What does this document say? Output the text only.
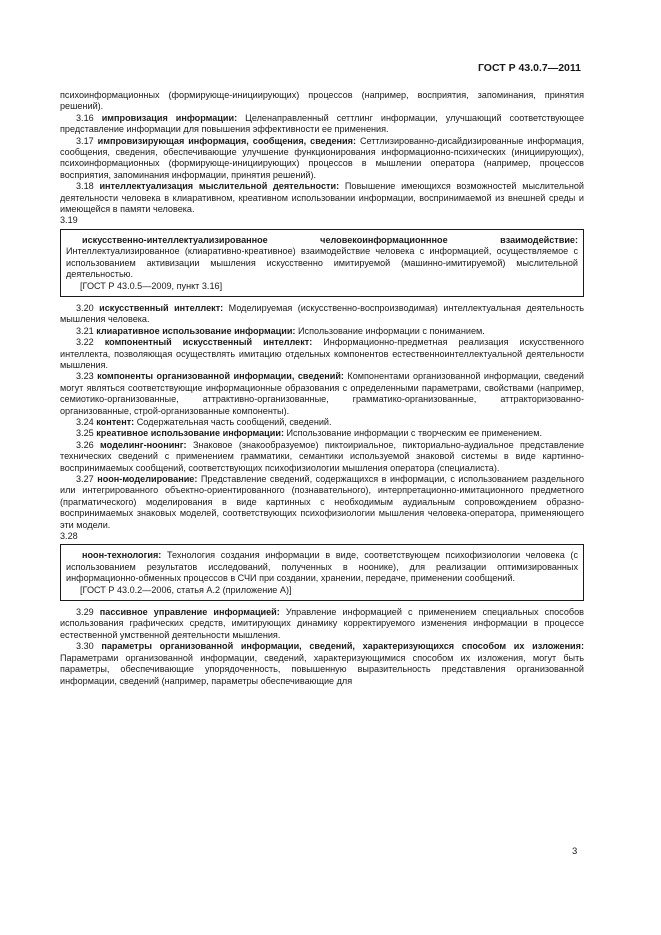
ГОСТ Р 43.0.7—2011

психоинформационных (формирующе-инициирующих) процессов (например, восприятия, запоминания, принятия решений).

3.16 импровизация информации: Целенаправленный сеттлинг информации, улучшающий соответствующее представление информации для повышения эффективности ее применения.

3.17 импровизирующая информация, сообщения, сведения: Сеттлизированно-дисайдизированные информация, сообщения, сведения, обеспечивающие улучшение функционирования информационно-психических (инициирующих), психоинформационных (формирующе-инициирующих) процессов в мышлении оператора (например, процессов восприятия, запоминания информации, принятия решений).

3.18 интеллектуализация мыслительной деятельности: Повышение имеющихся возможностей мыслительной деятельности человека в клиаративном, креативном использовании информации, воспринимаемой из внешней среды и имеющейся в памяти человека.

3.19

искусственно-интеллектуализированное человекоинформационнное взаимодействие: Интеллектуализированное (клиаративно-креативное) взаимодействие человека с информацией, осуществляемое с использованием активизации мышления искусственно имитируемой (машинно-имитируемой) мыслительной деятельностью.

[ГОСТ Р 43.0.5—2009, пункт 3.16]

3.20 искусственный интеллект: Моделируемая (искусственно-воспроизводимая) интеллектуальная деятельность мышления человека.

3.21 клиаративное использование информации: Использование информации с пониманием.

3.22 компонентный искусственный интеллект: Информационно-предметная реализация искусственного интеллекта, позволяющая осуществлять имитацию отдельных компонентов естественноинтеллектуальной деятельности мышления.

3.23 компоненты организованной информации, сведений: Компонентами организованной информации, сведений могут являться соответствующие информационные образования с определенными параметрами, свойствами (например, семиотико-организованные, аттрактивно-организованные, грамматико-организованные, аттракторизованно-организованные, строй-организованные компоненты).

3.24 контент: Содержательная часть сообщений, сведений.

3.25 креативное использование информации: Использование информации с творческим ее применением.

3.26 моделинг-ноонинг: Знаковое (знакообразуемое) пиктоириальное, пикториально-аудиальное представление технических сведений с применением грамматики, семантики используемой знаковой системы в виде картинно-воспринимаемых сообщений, соответствующих психофизиологии мышления оператора (специалиста).

3.27 ноон-моделирование: Представление сведений, содержащихся в информации, с использованием раздельного или интегрированного объектно-ориентированного (познавательного), интерпретационно-имитационного предметного (прагматического) моделирования в виде картинных с необходимым аудиальным сопровождением образно-воспринимаемых знаковых моделей, соответствующих психофизиологии мышления человека-оператора, применяющего эти модели.

3.28

ноон-технология: Технология создания информации в виде, соответствующем психофизиологии человека (с использованием результатов исследований, полученных в ноонике), для реализации оптимизированных информационно-обменных процессов в СЧИ при создании, хранении, передаче, применении сообщений.

[ГОСТ Р 43.0.2—2006, статья А.2 (приложение А)]

3.29 пассивное управление информацией: Управление информацией с применением специальных способов использования графических средств, имитирующих динамику корректируемого изменения информации в процессе естественной умственной деятельности мышления.

3.30 параметры организованной информации, сведений, характеризующихся способом их изложения: Параметрами организованной информации, сведений, характеризующимися способом их изложения, могут быть параметры, обеспечивающие упорядоченность, повышенную выразительность представления организованной информации, сведений (например, параметры обеспечивающие для

3
